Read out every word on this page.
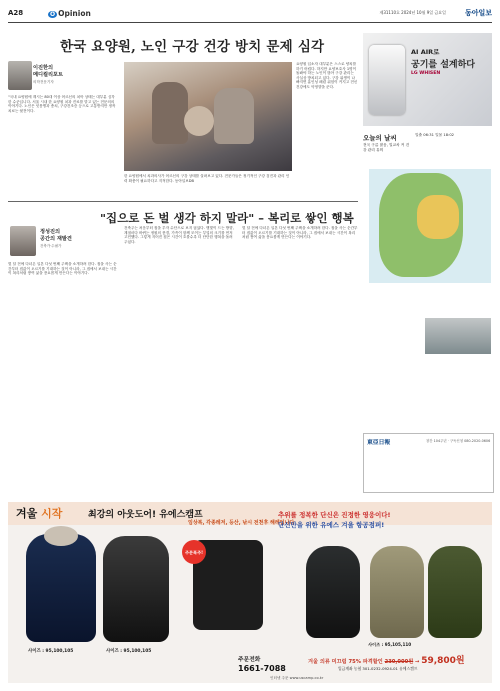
A28	O Opinion	제31110호 2024년 10월 9일 금요일	동아일보
한국 요양원, 노인 구강 건강 방치 문제 심각
이진한의
메디컬리포트
의학전문기자
"국내 요양원에 계시는 80대 이상 어르신의 치아 상태는 대부분 심각한 수준입니다. 서울 시내 한 요양원 치과 진료를 맡고 있는 전문의의 이야기다. 노인은 잇몸병과 충치, 구강건조증 등으로 고통받지만 정작 치료는 뒷전이다.
한 요양원에서 치과의사가 어르신의 구강 상태를 살펴보고 있다. 전문가들은 정기적인 구강 검진과 관리 인력 확충이 필요하다고 지적한다. 동아일보DB
요양원 입소자 대부분은 스스로 양치를 하기 어렵다. 하지만 요양보호사 1명이 돌봐야 하는 노인이 많아 구강 관리는 사실상 방치되고 있다. 구강 위생이 나빠지면 흡인성 폐렴 위험이 커지고 전신 건강에도 악영향을 준다.
AI AIR로
공기를 설계하다
LG WHISEN
오늘의 날씨
전국 구름 많음, 일교차 커 건강 관리 유의
일출 06:31 일몰 18:02
"집으로 돈 벌 생각 하지 말라" – 복리로 쌓인 행복
정성진의
공간의 재발견
건축가·수필가
몇 달 전에 다녀온 일본 다섯 번째 주택을 소개하려 한다. 집을 사는 순간부터 집값이 오르기를 기대하는 것이 아니라, 그 집에서 보내는 시간이 복리처럼 쌓여 삶을 풍요롭게 만든다는 이야기다.
건축주는 처음부터 집을 투자 수단으로 보지 않았다. 햇빛이 드는 방향, 계절마다 바뀌는 정원의 풍경, 가족이 함께 모이는 부엌의 크기를 먼저 고민했다. 그렇게 지어진 집은 시간이 흐를수록 더 단단한 행복을 돌려주었다.
몇 달 전에 다녀온 일본 다섯 번째 주택을 소개하려 한다. 집을 사는 순간부터 집값이 오르기를 기대하는 것이 아니라, 그 집에서 보내는 시간이 복리처럼 쌓여 삶을 풍요롭게 만든다는 이야기다.
東亞日報	창간 104주년 · 구독신청 080-2020-0606
겨울 시작	최강의 아웃도어! 유에스캠프
임상복, 각종레저, 등산, 낚시 전천후 해레입니다
추위를 정복한 단신은 진정한 영웅이다!
단신만을 위한 유에스 겨울 항공점퍼!
주문폭주!
사이즈 : 95,100,105	사이즈 : 95,100,105
사이즈 : 95,105,110
주문전화
1661-7088
겨울 의류 미끄럼 75% 파격할인 230,000원 → 59,800원
입금계좌 농협 301-0232-0924-01 유에스캠프
인터넷 주문 www.uscamp.co.kr
